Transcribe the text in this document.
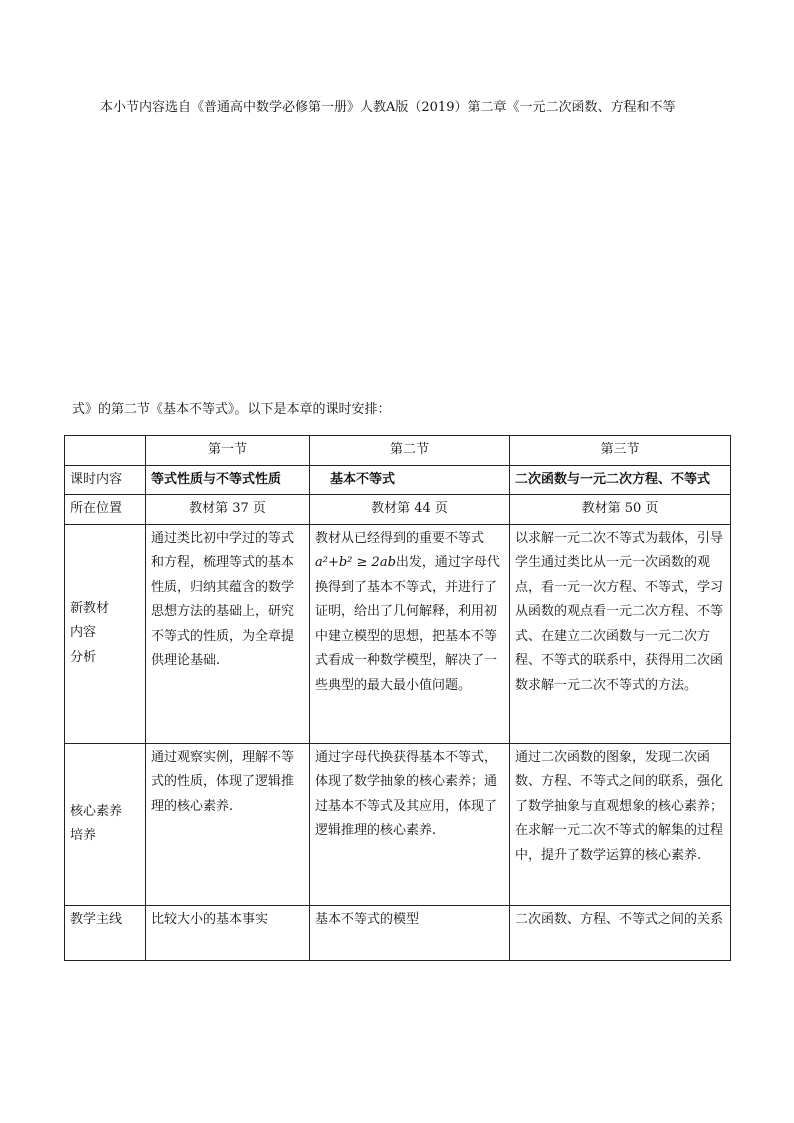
本小节内容选自《普通高中数学必修第一册》人教A版（2019）第二章《一元二次函数、方程和不等
式》的第二节《基本不等式》。以下是本章的课时安排：
	第一节	第二节	第三节
课时内容	等式性质与不等式性质	基本不等式	二次函数与一元二次方程、不等式
所在位置	教材第 37 页	教材第 44 页	教材第 50 页

新教材
内容
分析	通过类比初中学过的等式和方程，梳理等式的基本性质，归纳其蕴含的数学思想方法的基础上，研究不等式的性质，为全章提供理论基础.	教材从已经得到的重要不等式a²+b² ≥ 2ab出发，通过字母代换得到了基本不等式，并进行了证明，给出了几何解释，利用初中建立模型的思想，把基本不等式看成一种数学模型，解决了一些典型的最大最小值问题。	以求解一元二次不等式为载体，引导学生通过类比从一元一次函数的观点，看一元一次方程、不等式，学习从函数的观点看一元二次方程、不等式、在建立二次函数与一元二次方程、不等式的联系中，获得用二次函数求解一元二次不等式的方法。

核心素养
培养	通过观察实例，理解不等式的性质，体现了逻辑推理的核心素养.	通过字母代换获得基本不等式，体现了数学抽象的核心素养；通过基本不等式及其应用，体现了逻辑推理的核心素养.	通过二次函数的图象，发现二次函数、方程、不等式之间的联系，强化了数学抽象与直观想象的核心素养；在求解一元二次不等式的解集的过程中，提升了数学运算的核心素养.
教学主线	比较大小的基本事实	基本不等式的模型	二次函数、方程、不等式之间的关系
